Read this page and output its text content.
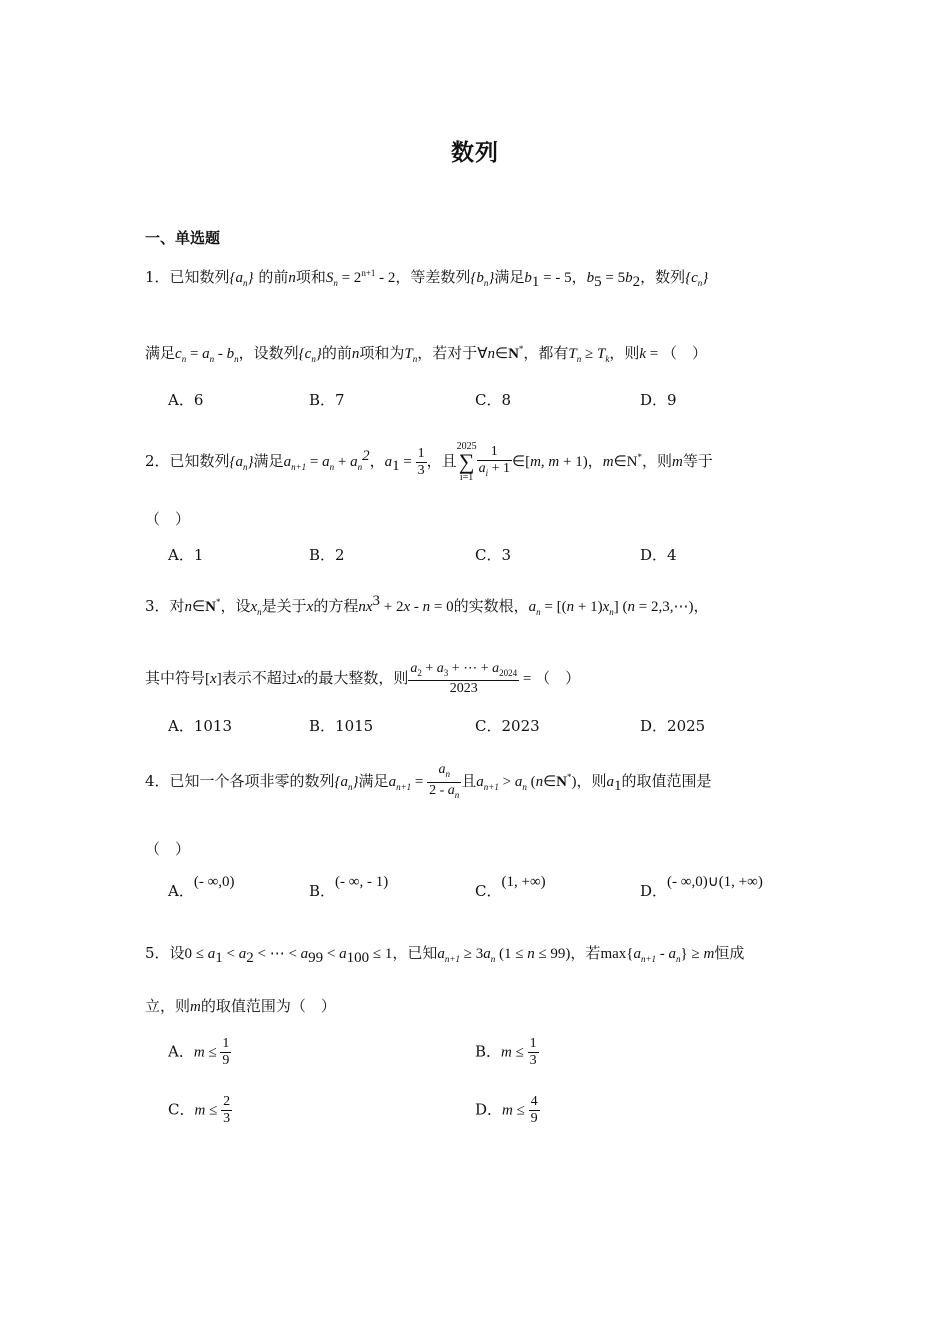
数列
一、单选题
1．已知数列$\{a_n\}$ 的前n项和$S_n = 2^{n+1} - 2$，等差数列$\{b_n\}$满足$b_1$ = - 5，$b_5 = 5b_2$，数列$\{c_n\}$
满足$c_n = a_n - b_n$，设数列$\{c_n\}$的前n项和为$T_n$，若对于∀n∈N*，都有$T_n \ge T_k$，则k = （　）
A．6	B．7	C．8	D．9
2．已知数列$\{a_n\}$满足$a_{n+1} = a_n + a_n^2$，$a_1 = \frac{1}{3}$ ，且
2025
∑
$i=1 \frac{1}{a_i + 1}$ ∈[m, m + 1)，m∈N*，则m等于
（　）
A．1	B．2	C．3	D．4
3．对n∈N*，设$x_n$是关于x的方程$nx^3 + 2x - n = 0$的实数根，$a_n = [(n + 1)x_n] (n$ = 2,3,⋯)，
其中符号[x]表示不超过x的最大整数，则 $\frac{a_2 + a_3 + \cdots + a_{2024}}{2023}$ = （　）
A．1013	B．1015	C．2023	D．2025
4．已知一个各项非零的数列$\{a_n\}$满足$a_{n+1} = \frac{a_n}{2 - a_n}$ 且$a_{n+1} > a_n$ (n∈N*)，则$a_1$的取值范围是
（　）
A．(- ∞,0)	B．(- ∞, - 1)	C．(1, +∞)	D．(- ∞,0)∪(1, +∞)
5．设$0 \le a_1 < a_2$ < ⋯ < $a_{99} < a_{100} \le 1$，已知$a_{n+1} \ge 3a_n$ (1 ≤ n ≤ 99)，若$\max\{a_{n+1} - a_n\} \ge m$恒成
立，则m的取值范围为（　）
A．$m \le \frac{1}{9}$	B．$m \le \frac{1}{3}$
C．$m \le \frac{2}{3}$	D．$m \le \frac{4}{9}$
